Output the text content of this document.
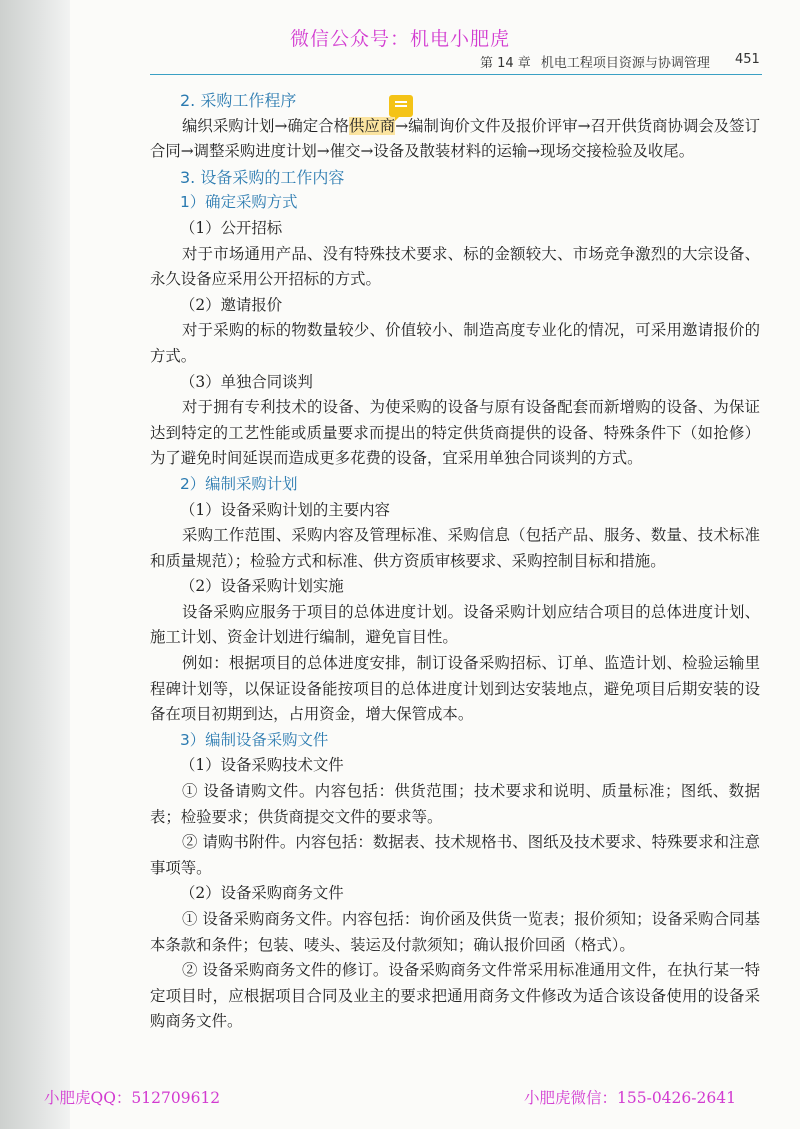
微信公众号：机电小肥虎
第 14 章 机电工程项目资源与协调管理 451

2. 采购工作程序

编织采购计划→确定合格供应商→编制询价文件及报价评审→召开供货商协调会及签订合同→调整采购进度计划→催交→设备及散装材料的运输→现场交接检验及收尾。

3. 设备采购的工作内容

1）确定采购方式

（1）公开招标

对于市场通用产品、没有特殊技术要求、标的金额较大、市场竞争激烈的大宗设备、永久设备应采用公开招标的方式。

（2）邀请报价

对于采购的标的物数量较少、价值较小、制造高度专业化的情况，可采用邀请报价的方式。

（3）单独合同谈判

对于拥有专利技术的设备、为使采购的设备与原有设备配套而新增购的设备、为保证达到特定的工艺性能或质量要求而提出的特定供货商提供的设备、特殊条件下（如抢修）为了避免时间延误而造成更多花费的设备，宜采用单独合同谈判的方式。

2）编制采购计划

（1）设备采购计划的主要内容

采购工作范围、采购内容及管理标准、采购信息（包括产品、服务、数量、技术标准和质量规范）；检验方式和标准、供方资质审核要求、采购控制目标和措施。

（2）设备采购计划实施

设备采购应服务于项目的总体进度计划。设备采购计划应结合项目的总体进度计划、施工计划、资金计划进行编制，避免盲目性。

例如：根据项目的总体进度安排，制订设备采购招标、订单、监造计划、检验运输里程碑计划等，以保证设备能按项目的总体进度计划到达安装地点，避免项目后期安装的设备在项目初期到达，占用资金，增大保管成本。

3）编制设备采购文件

（1）设备采购技术文件

① 设备请购文件。内容包括：供货范围；技术要求和说明、质量标准；图纸、数据表；检验要求；供货商提交文件的要求等。

② 请购书附件。内容包括：数据表、技术规格书、图纸及技术要求、特殊要求和注意事项等。

（2）设备采购商务文件

① 设备采购商务文件。内容包括：询价函及供货一览表；报价须知；设备采购合同基本条款和条件；包装、唛头、装运及付款须知；确认报价回函（格式）。

② 设备采购商务文件的修订。设备采购商务文件常采用标准通用文件，在执行某一特定项目时，应根据项目合同及业主的要求把通用商务文件修改为适合该设备使用的设备采购商务文件。

小肥虎QQ：512709612	小肥虎微信：155-0426-2641
